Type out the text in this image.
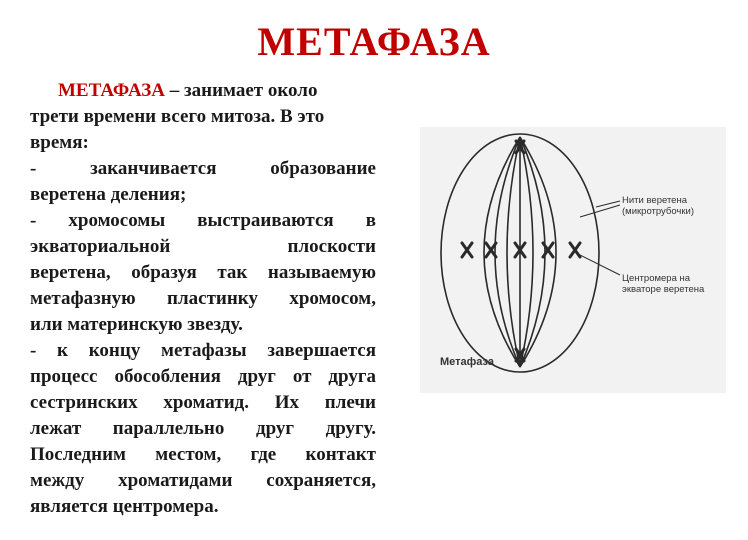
МЕТАФАЗА
МЕТАФАЗА – занимает около
трети времени всего митоза. В это
время:
- заканчивается образование
веретена деления;
- хромосомы выстраиваются в
экваториальной плоскости
веретена, образуя так называемую
метафазную пластинку хромосом,
или материнскую звезду.
- к концу метафазы завершается
процесс обособления друг от друга
сестринских хроматид. Их плечи
лежат параллельно друг другу.
Последним местом, где контакт
между хроматидами сохраняется,
является центромера.
Нити веретена
(микротрубочки)
Центромера на
экваторе веретена
Метафаза
